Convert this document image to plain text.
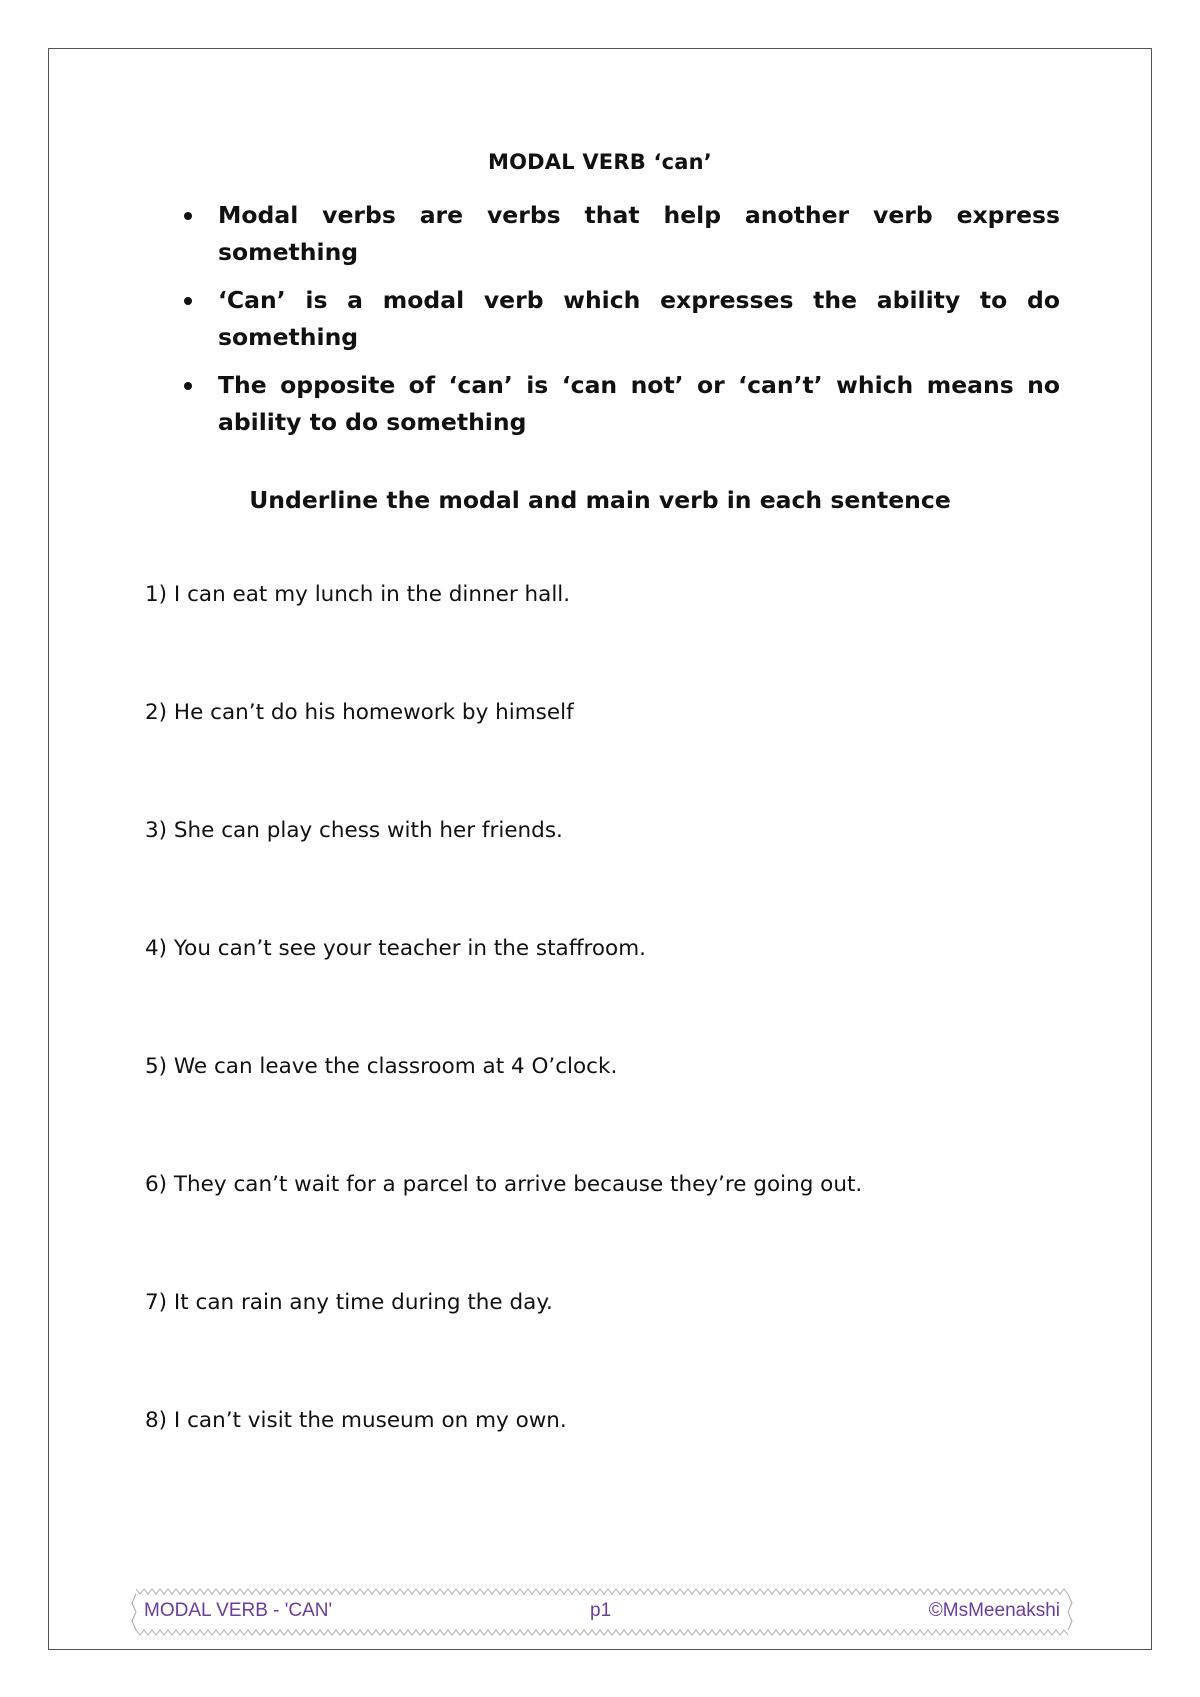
MODAL VERB ‘can’
Modal verbs are verbs that help another verb express something
‘Can’ is a modal verb which expresses the ability to do something
The opposite of ‘can’ is ‘can not’ or ‘can’t’ which means no ability to do something
Underline the modal and main verb in each sentence
1) I can eat my lunch in the dinner hall.
2) He can’t do his homework by himself
3) She can play chess with her friends.
4) You can’t see your teacher in the staffroom.
5) We can leave the classroom at 4 O’clock.
6) They can’t wait for a parcel to arrive because they’re going out.
7) It can rain any time during the day.
8) I can’t visit the museum on my own.
MODAL VERB - 'CAN'	p1	©MsMeenakshi
